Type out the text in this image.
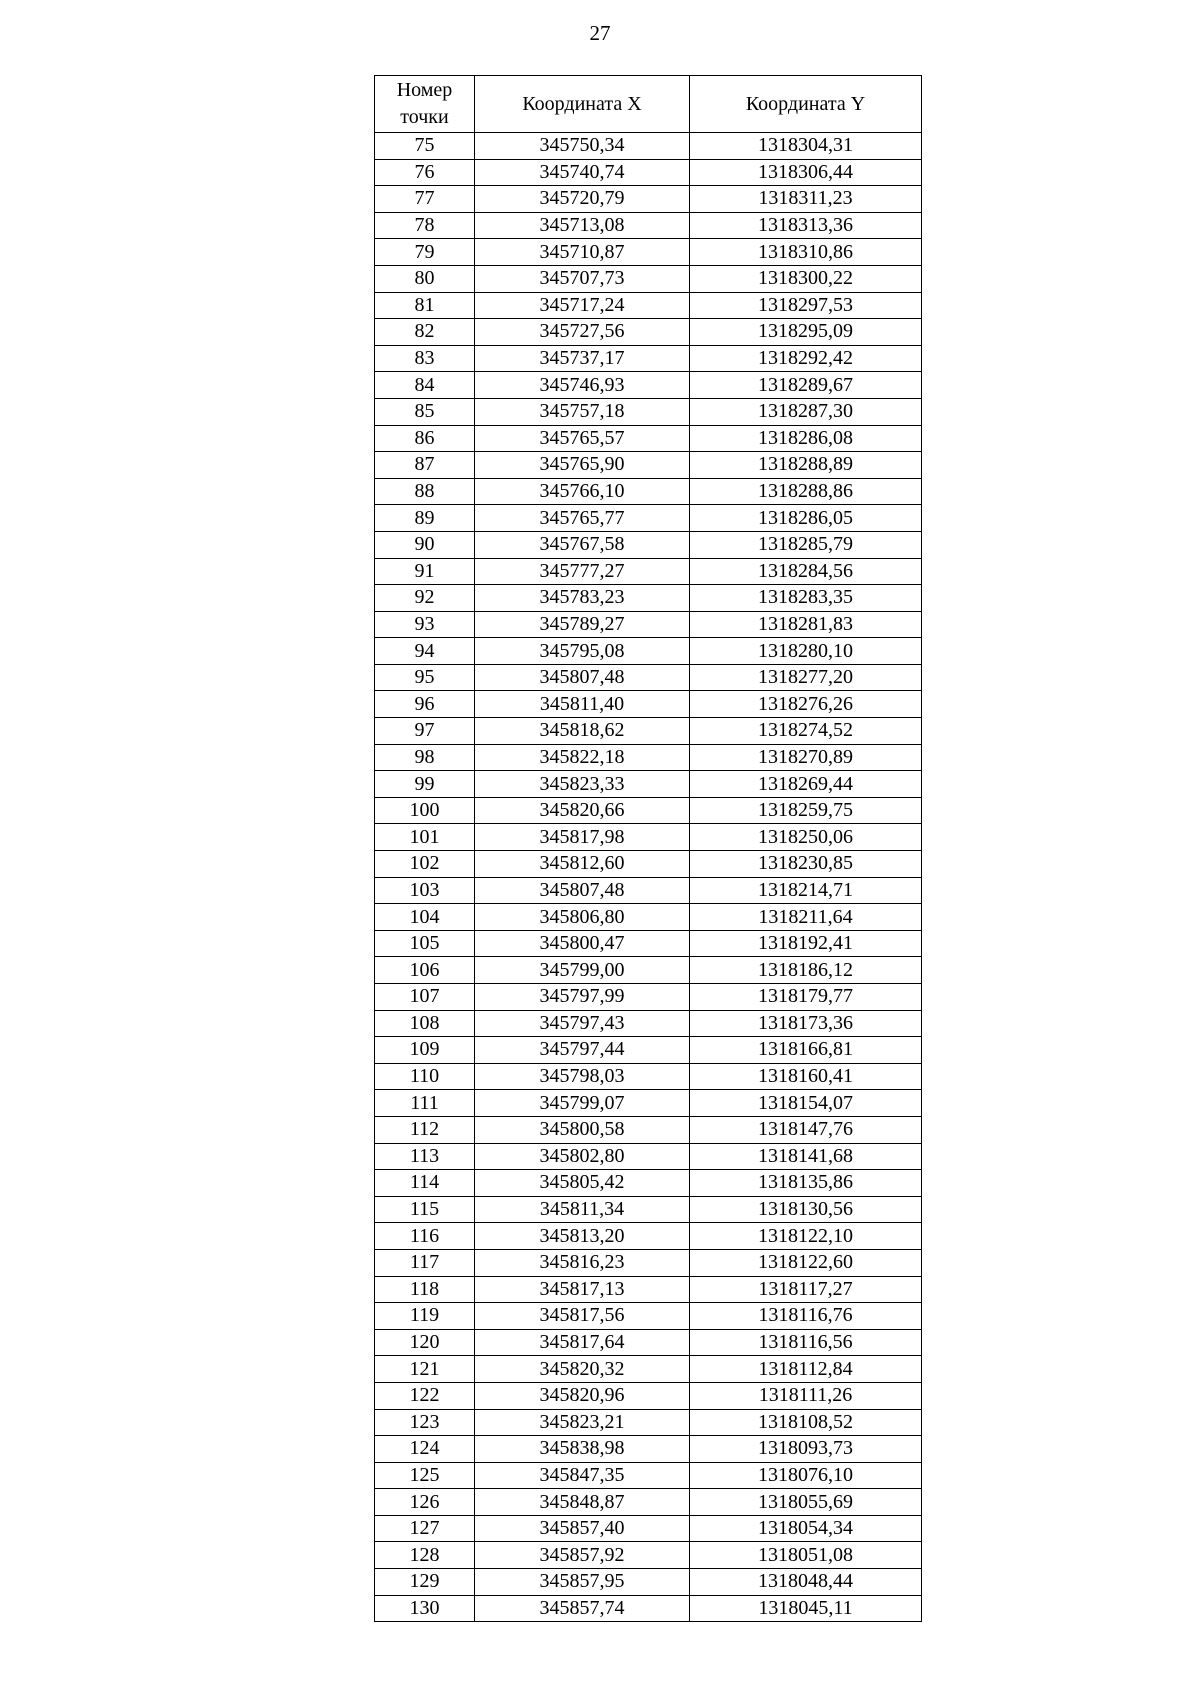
27
Номер точки	Координата X	Координата Y
75	345750,34	1318304,31
76	345740,74	1318306,44
77	345720,79	1318311,23
78	345713,08	1318313,36
79	345710,87	1318310,86
80	345707,73	1318300,22
81	345717,24	1318297,53
82	345727,56	1318295,09
83	345737,17	1318292,42
84	345746,93	1318289,67
85	345757,18	1318287,30
86	345765,57	1318286,08
87	345765,90	1318288,89
88	345766,10	1318288,86
89	345765,77	1318286,05
90	345767,58	1318285,79
91	345777,27	1318284,56
92	345783,23	1318283,35
93	345789,27	1318281,83
94	345795,08	1318280,10
95	345807,48	1318277,20
96	345811,40	1318276,26
97	345818,62	1318274,52
98	345822,18	1318270,89
99	345823,33	1318269,44
100	345820,66	1318259,75
101	345817,98	1318250,06
102	345812,60	1318230,85
103	345807,48	1318214,71
104	345806,80	1318211,64
105	345800,47	1318192,41
106	345799,00	1318186,12
107	345797,99	1318179,77
108	345797,43	1318173,36
109	345797,44	1318166,81
110	345798,03	1318160,41
111	345799,07	1318154,07
112	345800,58	1318147,76
113	345802,80	1318141,68
114	345805,42	1318135,86
115	345811,34	1318130,56
116	345813,20	1318122,10
117	345816,23	1318122,60
118	345817,13	1318117,27
119	345817,56	1318116,76
120	345817,64	1318116,56
121	345820,32	1318112,84
122	345820,96	1318111,26
123	345823,21	1318108,52
124	345838,98	1318093,73
125	345847,35	1318076,10
126	345848,87	1318055,69
127	345857,40	1318054,34
128	345857,92	1318051,08
129	345857,95	1318048,44
130	345857,74	1318045,11
